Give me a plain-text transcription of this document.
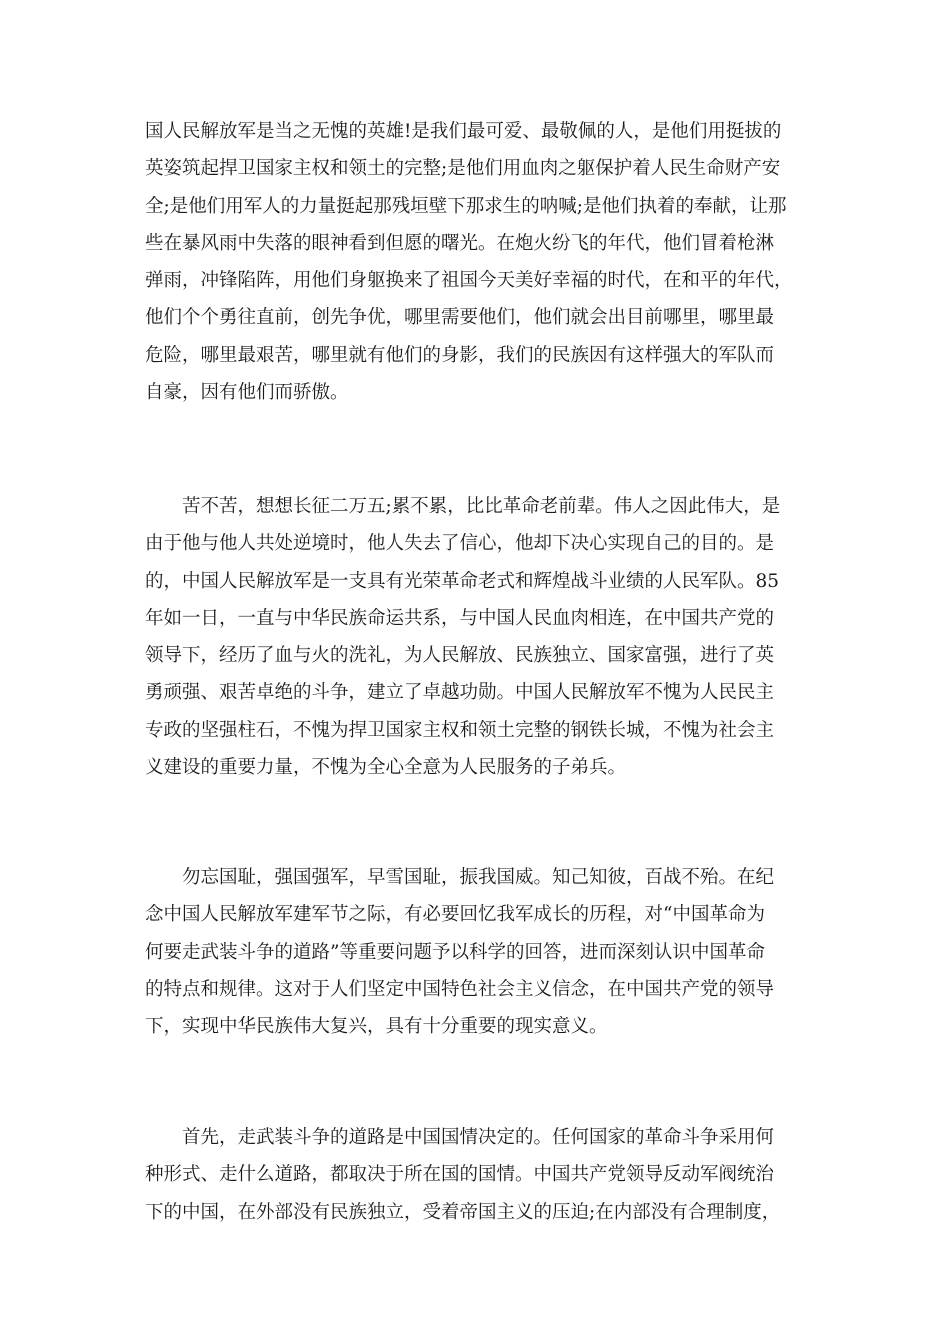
国人民解放军是当之无愧的英雄!是我们最可爱、最敬佩的人，是他们用挺拔的
英姿筑起捍卫国家主权和领土的完整;是他们用血肉之躯保护着人民生命财产安
全;是他们用军人的力量挺起那残垣壁下那求生的呐喊;是他们执着的奉献，让那
些在暴风雨中失落的眼神看到但愿的曙光。在炮火纷飞的年代，他们冒着枪淋
弹雨，冲锋陷阵，用他们身躯换来了祖国今天美好幸福的时代，在和平的年代，
他们个个勇往直前，创先争优，哪里需要他们，他们就会出目前哪里，哪里最
危险，哪里最艰苦，哪里就有他们的身影，我们的民族因有这样强大的军队而
自豪，因有他们而骄傲。
苦不苦，想想长征二万五;累不累，比比革命老前辈。伟人之因此伟大，是
由于他与他人共处逆境时，他人失去了信心，他却下决心实现自己的目的。是
的，中国人民解放军是一支具有光荣革命老式和辉煌战斗业绩的人民军队。85
年如一日，一直与中华民族命运共系，与中国人民血肉相连，在中国共产党的
领导下，经历了血与火的洗礼，为人民解放、民族独立、国家富强，进行了英
勇顽强、艰苦卓绝的斗争，建立了卓越功勋。中国人民解放军不愧为人民民主
专政的坚强柱石，不愧为捍卫国家主权和领土完整的钢铁长城，不愧为社会主
义建设的重要力量，不愧为全心全意为人民服务的子弟兵。
勿忘国耻，强国强军，早雪国耻，振我国威。知己知彼，百战不殆。在纪
念中国人民解放军建军节之际，有必要回忆我军成长的历程，对“中国革命为
何要走武装斗争的道路”等重要问题予以科学的回答，进而深刻认识中国革命
的特点和规律。这对于人们坚定中国特色社会主义信念，在中国共产党的领导
下，实现中华民族伟大复兴，具有十分重要的现实意义。
首先，走武装斗争的道路是中国国情决定的。任何国家的革命斗争采用何
种形式、走什么道路，都取决于所在国的国情。中国共产党领导反动军阀统治
下的中国，在外部没有民族独立，受着帝国主义的压迫;在内部没有合理制度，
